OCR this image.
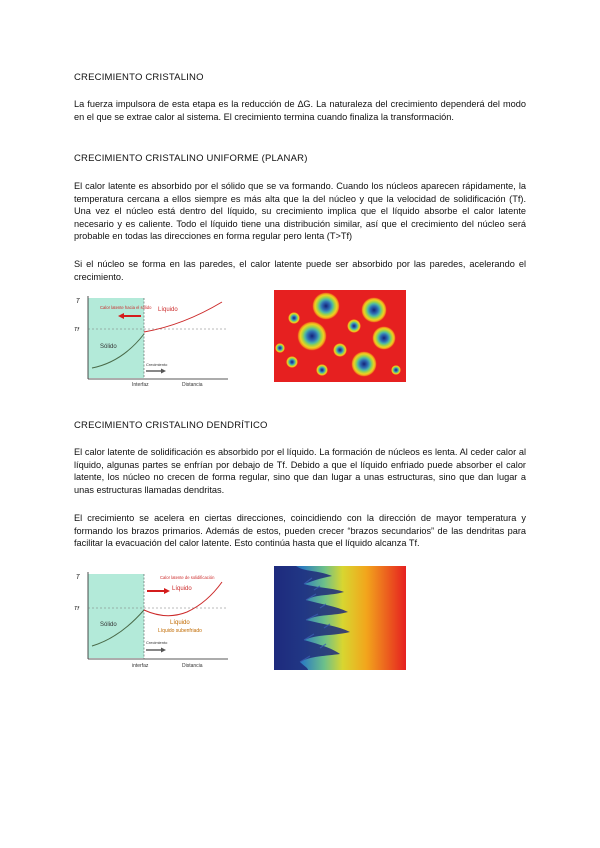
CRECIMIENTO CRISTALINO
La fuerza impulsora de esta etapa es la reducción de ∆G. La naturaleza del crecimiento dependerá del modo en el que se extrae calor al sistema. El crecimiento termina cuando finaliza la transformación.
CRECIMIENTO CRISTALINO UNIFORME (PLANAR)
El calor latente es absorbido por el sólido que se va formando. Cuando los núcleos aparecen rápidamente, la temperatura cercana a ellos siempre es más alta que la del núcleo y que la velocidad de solidificación (Tf). Una vez el núcleo está dentro del líquido, su crecimiento implica que el líquido absorbe el calor latente necesario y es caliente. Todo el líquido tiene una distribución similar, así que el crecimiento del núcleo será probable en todas las direcciones en forma regular pero lenta (T>Tf)
Si el núcleo se forma en las paredes, el calor latente puede ser absorbido por las paredes, acelerando el crecimiento.
T
Tf
Calor latente hacia el sólido Líquido
Sólido
Crecimiento
Interfaz	Distancia
CRECIMIENTO CRISTALINO DENDRÍTICO
El calor latente de solidificación es absorbido por el líquido. La formación de núcleos es lenta. Al ceder calor al líquido, algunas partes se enfrían por debajo de Tf. Debido a que el líquido enfriado puede absorber el calor latente, los núcleo no crecen de forma regular, sino que dan lugar a unas estructuras, sino que dan lugar a unas estructuras llamadas dendritas.
El crecimiento se acelera en ciertas direcciones, coincidiendo con la dirección de mayor temperatura y formando los brazos primarios. Además de estos, pueden crecer “brazos secundarios” de las dendritas para facilitar la evacuación del calor latente. Esto continúa hasta que el líquido alcanza Tf.
T
Tf
Calor latente de solidificación
Líquido
Líquido
Líquido subenfriado
Sólido
Crecimiento
interfaz	Distancia
